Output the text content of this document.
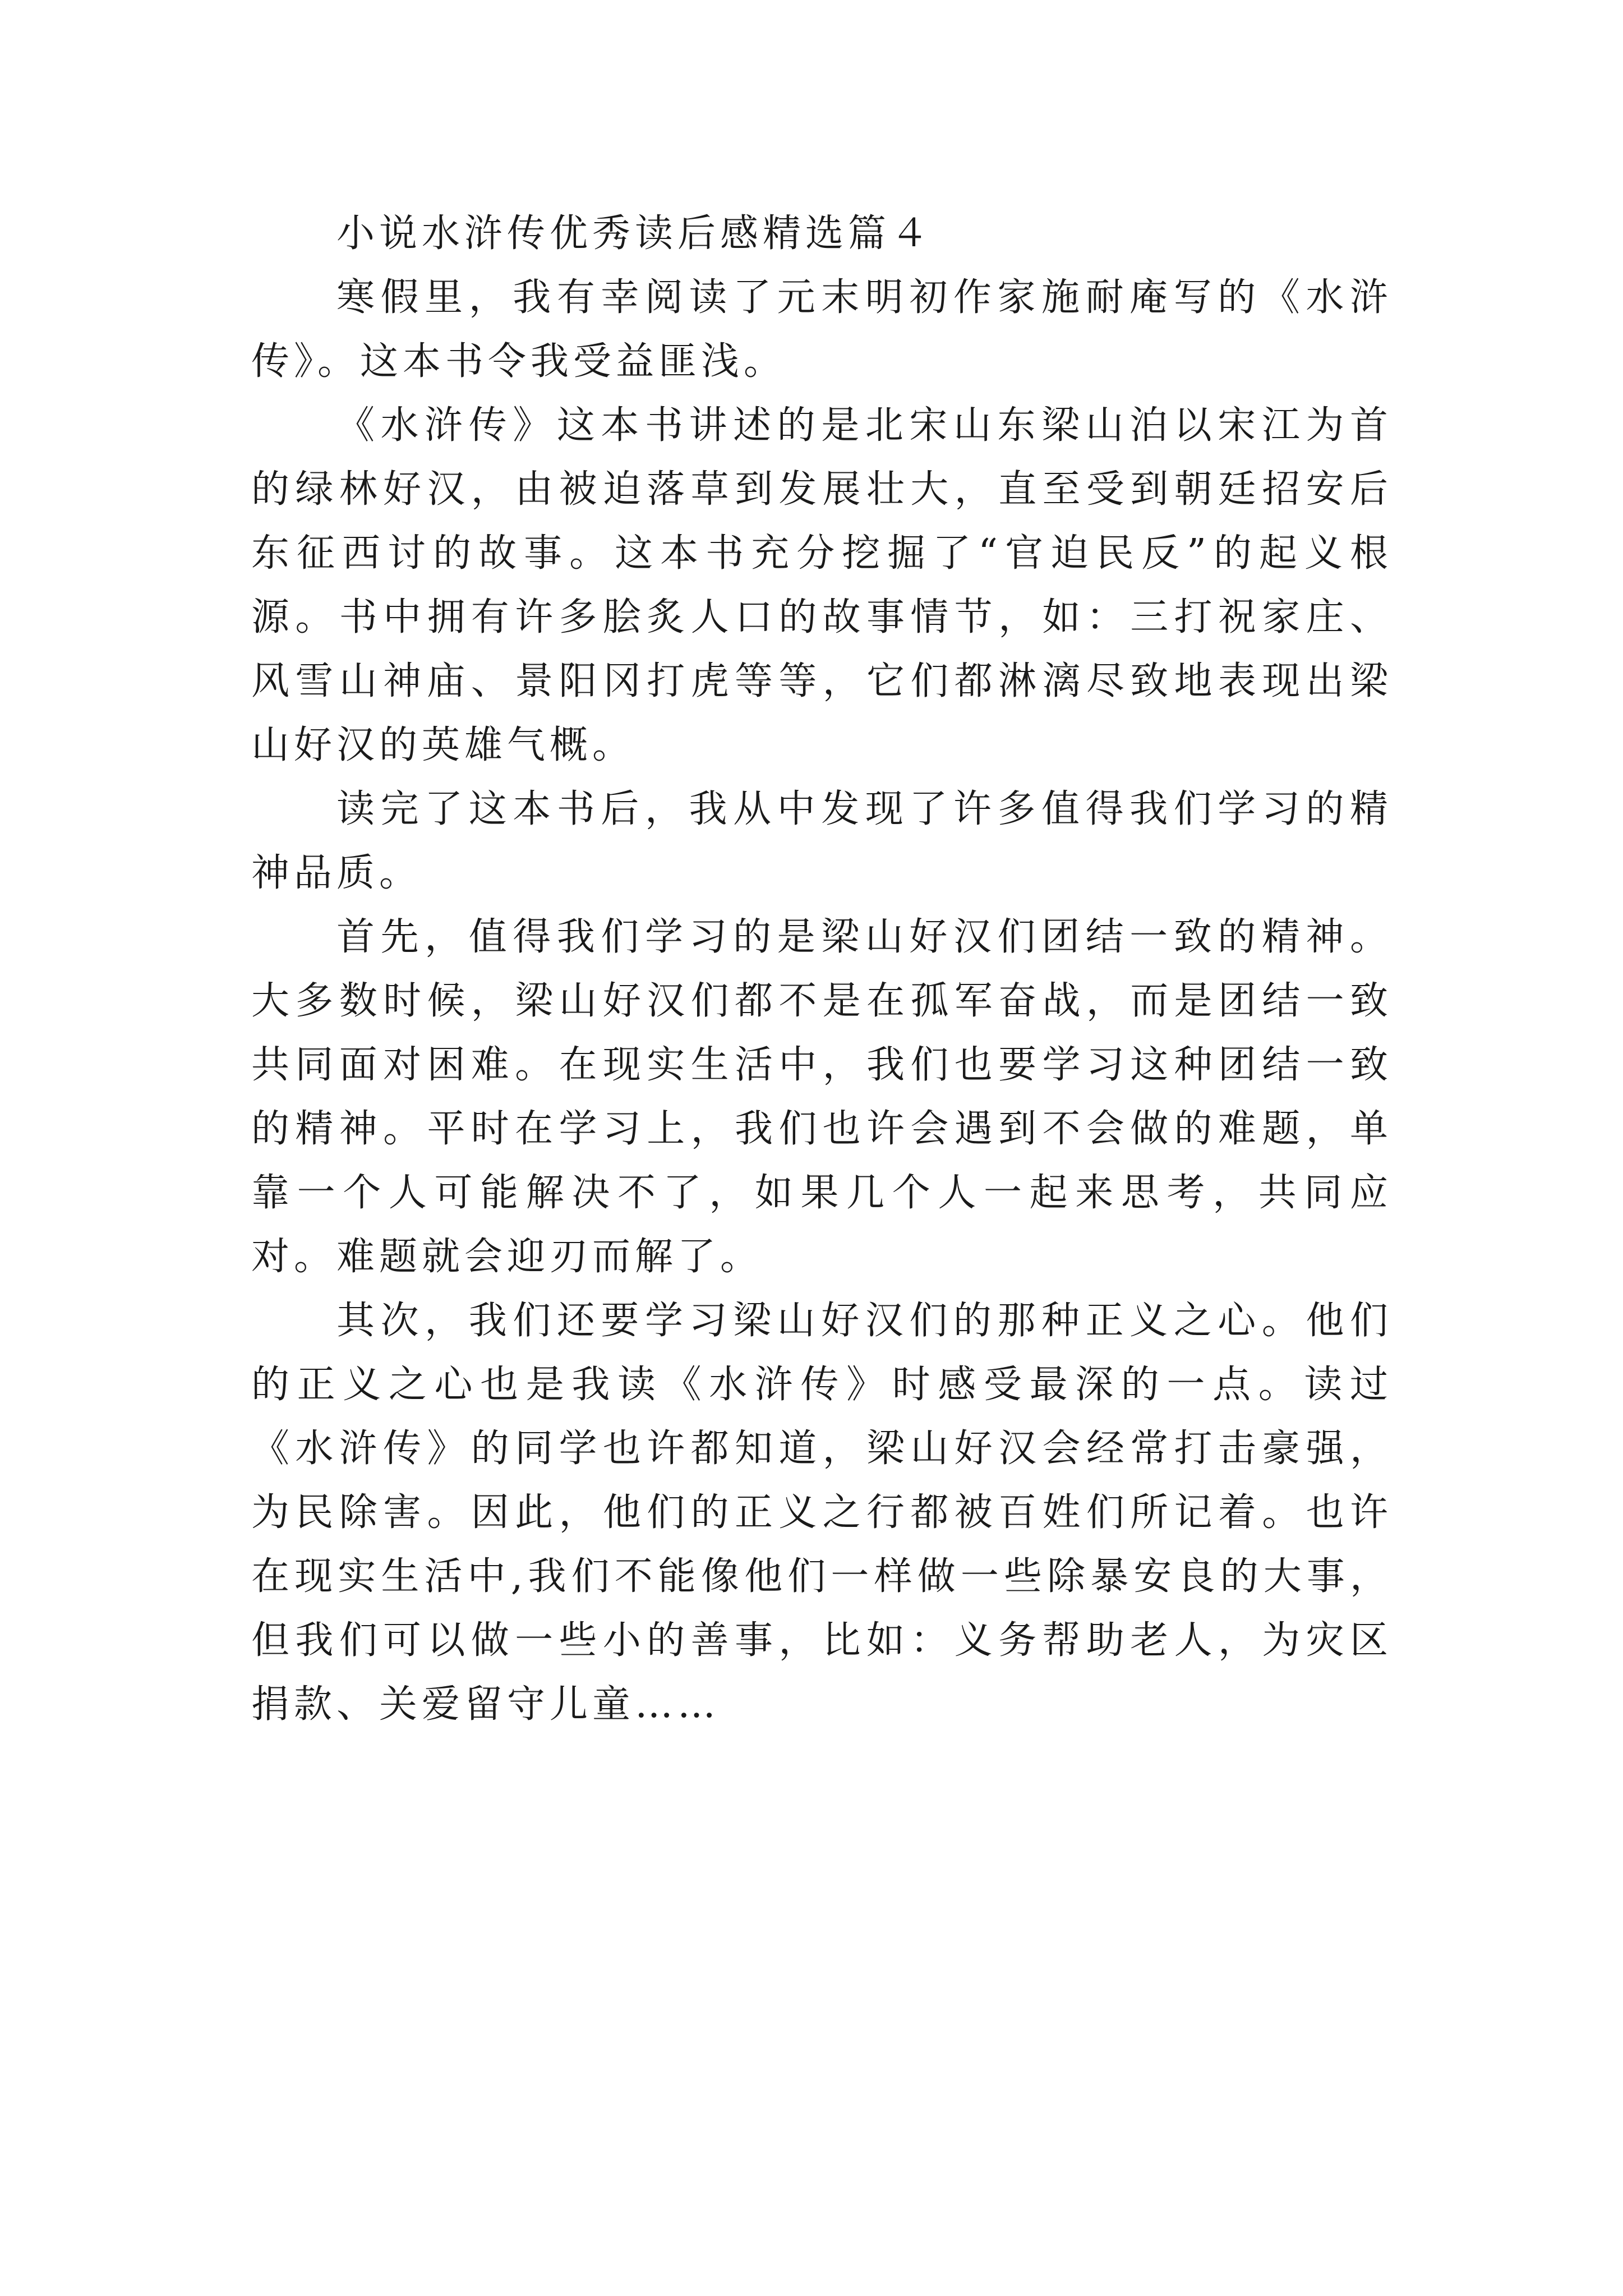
小说水浒传优秀读后感精选篇４

寒假里，我有幸阅读了元末明初作家施耐庵写的《水浒传》。这本书令我受益匪浅。

《水浒传》这本书讲述的是北宋山东梁山泊以宋江为首的绿林好汉，由被迫落草到发展壮大，直至受到朝廷招安后东征西讨的故事。这本书充分挖掘了“官迫民反”的起义根源。书中拥有许多脍炙人口的故事情节，如：三打祝家庄、风雪山神庙、景阳冈打虎等等，它们都淋漓尽致地表现出梁山好汉的英雄气概。

读完了这本书后，我从中发现了许多值得我们学习的精神品质。

首先，值得我们学习的是梁山好汉们团结一致的精神。大多数时候，梁山好汉们都不是在孤军奋战，而是团结一致共同面对困难。在现实生活中，我们也要学习这种团结一致的精神。平时在学习上，我们也许会遇到不会做的难题，单靠一个人可能解决不了，如果几个人一起来思考，共同应对。难题就会迎刃而解了。

其次，我们还要学习梁山好汉们的那种正义之心。他们的正义之心也是我读《水浒传》时感受最深的一点。读过《水浒传》的同学也许都知道，梁山好汉会经常打击豪强，为民除害。因此，他们的正义之行都被百姓们所记着。也许在现实生活中,我们不能像他们一样做一些除暴安良的大事，但我们可以做一些小的善事，比如：义务帮助老人，为灾区捐款、关爱留守儿童……
